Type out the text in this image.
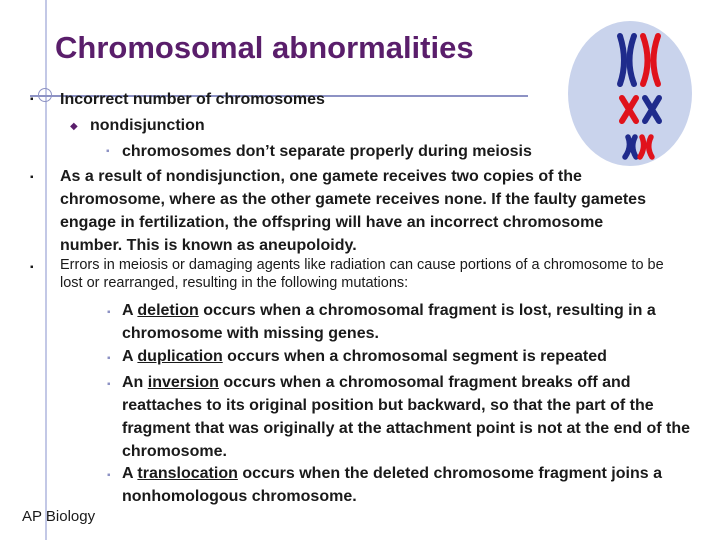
Chromosomal abnormalities
▪ Incorrect number of chromosomes
◆ nondisjunction
▪ chromosomes don’t separate properly during meiosis
▪ As a result of nondisjunction, one gamete receives two copies of the chromosome, where as the other gamete receives none. If the faulty gametes engage in fertilization, the offspring will have an incorrect chromosome number. This is known as aneupoloidy.
▪ Errors in meiosis or damaging agents like radiation can cause portions of a chromosome to be lost or rearranged, resulting in the following mutations:
▪ A deletion occurs when a chromosomal fragment is lost, resulting in a chromosome with missing genes.
▪ A duplication occurs when a chromosomal segment is repeated
▪ An inversion occurs when a chromosomal fragment breaks off and reattaches to its original position but backward, so that the part of the fragment that was originally at the attachment point is not at the end of the chromosome.
▪ A translocation occurs when the deleted chromosome fragment joins a nonhomologous chromosome.
AP Biology
